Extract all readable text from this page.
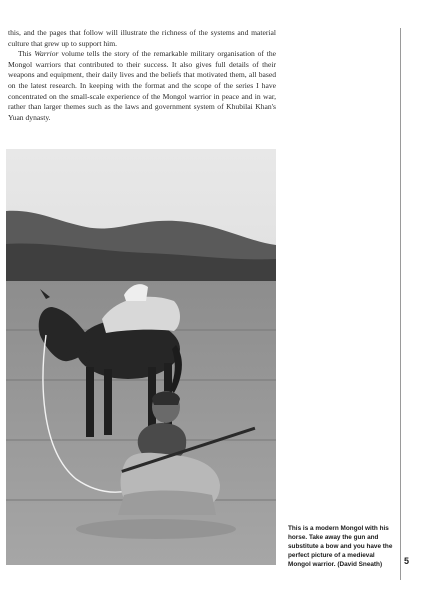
this, and the pages that follow will illustrate the richness of the systems and material culture that grew up to support him.

This Warrior volume tells the story of the remarkable military organisation of the Mongol warriors that contributed to their success. It also gives full details of their weapons and equipment, their daily lives and the beliefs that motivated them, all based on the latest research. In keeping with the format and the scope of the series I have concentrated on the small-scale experience of the Mongol warrior in peace and in war, rather than larger themes such as the laws and government system of Khubilai Khan's Yuan dynasty.

This is a modern Mongol with his horse. Take away the gun and substitute a bow and you have the perfect picture of a medieval Mongol warrior. (David Sneath)	5
